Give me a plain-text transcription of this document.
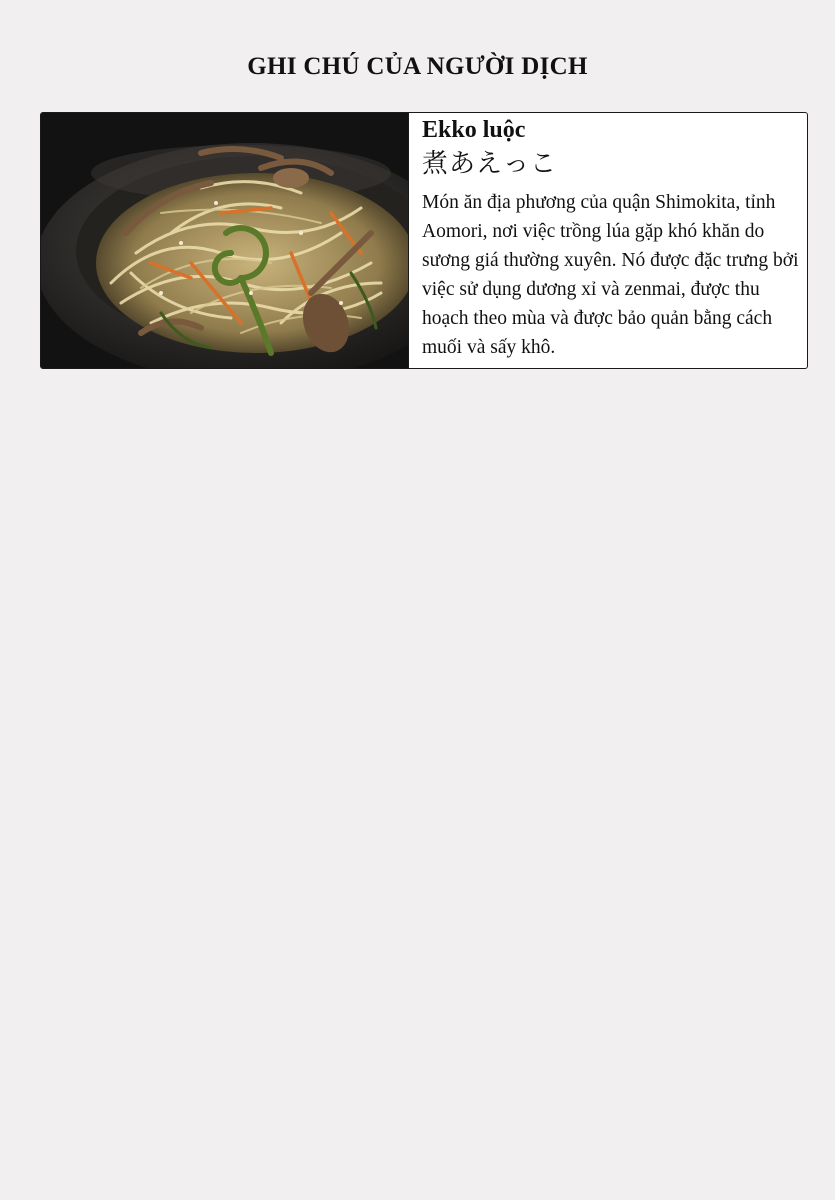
GHI CHÚ CỦA NGƯỜI DỊCH
Ekko luộc
煮あえっこ
Món ăn địa phương của quận Shimokita, tỉnh Aomori, nơi việc trồng lúa gặp khó khăn do sương giá thường xuyên. Nó được đặc trưng bởi việc sử dụng dương xỉ và zenmai, được thu hoạch theo mùa và được bảo quản bằng cách muối và sấy khô.
